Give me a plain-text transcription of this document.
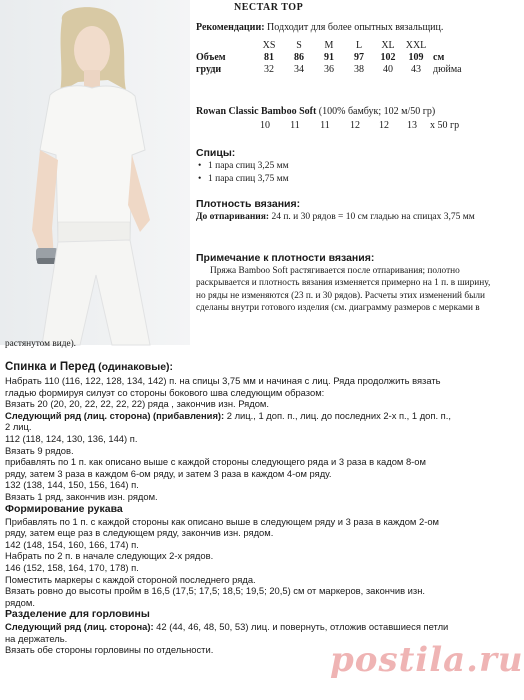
NECTAR TOP
Рекомендации: Подходит для более опытных вязальщиц.
	XS	S	M	L	XL	XXL	
Объем	81	86	91	97	102	109	см
груди	32	34	36	38	40	43	дюйма
Rowan Classic Bamboo Soft (100% бамбук; 102 м/50 гр)
10 11 11 12 12 13 x 50 гр
Спицы:
• 1 пара спиц 3,25 мм
• 1 пара спиц 3,75 мм
Плотность вязания:
До отпаривания: 24 п. и 30 рядов = 10 см гладью на спицах 3,75 мм
Примечание к плотности вязания:
Пряжа Bamboo Soft растягивается после отпаривания; полотно раскрывается и плотность вязания изменяется примерно на 1 п. в ширину, но ряды не изменяются (23 п. и 30 рядов). Расчеты этих изменений были сделаны внутри готового изделия (см. диаграмму размеров с мерками в
растянутом виде).
Спинка и Перед (одинаковые):
Набрать 110 (116, 122, 128, 134, 142) п. на спицы 3,75 мм и начиная с лиц. Ряда продолжить вязать
гладью формируя силуэт со стороны бокового шва следующим образом:
Вязать 20 (20, 20, 22, 22, 22, 22) ряда , закончив изн. Рядом.
Следующий ряд (лиц. сторона) (прибавления): 2 лиц., 1 доп. п., лиц. до последних 2-х п., 1 доп. п.,
2 лиц.
112 (118, 124, 130, 136, 144) п.
Вязать 9 рядов.
прибавлять по 1 п. как описано выше с каждой стороны следующего ряда и 3 раза в кадом 8-ом
ряду, затем 3 раза в каждом 6-ом ряду, и затем 3 раза в каждом 4-ом ряду.
132 (138, 144, 150, 156, 164) п.
Вязать 1 ряд, закончив изн. рядом.
Формирование рукава
Прибавлять по 1 п. с каждой стороны как описано выше в следующем ряду и 3 раза в каждом 2-ом
ряду, затем еще раз в следующем ряду, закончив изн. рядом.
142 (148, 154, 160, 166, 174) п.
Набрать по 2 п. в начале следующих 2-х рядов.
146 (152, 158, 164, 170, 178) п.
Поместить маркеры с каждой стороной последнего ряда.
Вязать ровно до высоты пройм в 16,5 (17,5; 17,5; 18,5; 19,5; 20,5) см от маркеров, закончив изн.
рядом.
Разделение для горловины
Следующий ряд (лиц. сторона): 42 (44, 46, 48, 50, 53) лиц. и повернуть, отложив оставшиеся петли
на держатель.
Вязать обе стороны горловины по отдельности.	postila.ru
